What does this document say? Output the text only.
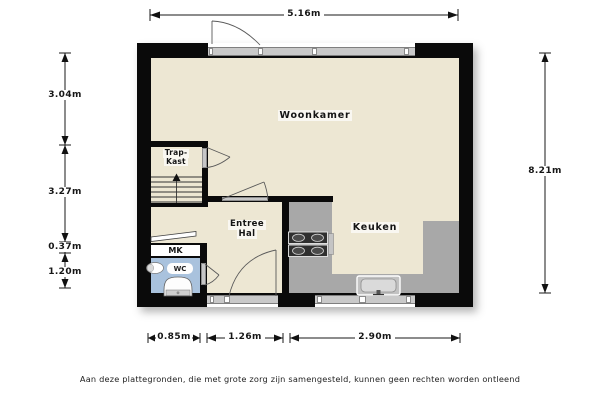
MK
Woonkamer
Keuken
Entree
Hal
Trap-
Kast
WC
5.16m
3.04m
3.27m
0.37m
1.20m
8.21m
0.85m	1.26m	2.90m
Aan deze plattegronden, die met grote zorg zijn samengesteld, kunnen geen rechten worden ontleend
